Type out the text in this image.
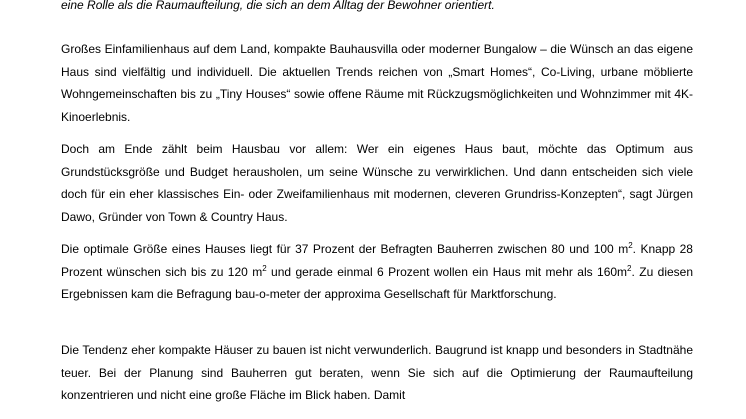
eine Rolle als die Raumaufteilung, die sich an dem Alltag der Bewohner orientiert.

Großes Einfamilienhaus auf dem Land, kompakte Bauhausvilla oder moderner Bungalow – die Wünsch an das eigene Haus sind vielfältig und individuell. Die aktuellen Trends reichen von „Smart Homes“, Co-Living, urbane möblierte Wohngemeinschaften bis zu „Tiny Houses“ sowie offene Räume mit Rückzugsmöglichkeiten und Wohnzimmer mit 4K-Kinoerlebnis.

Doch am Ende zählt beim Hausbau vor allem: Wer ein eigenes Haus baut, möchte das Optimum aus Grundstücksgröße und Budget herausholen, um seine Wünsche zu verwirklichen. Und dann entscheiden sich viele doch für ein eher klassisches Ein- oder Zweifamilienhaus mit modernen, cleveren Grundriss-Konzepten“, sagt Jürgen Dawo, Gründer von Town & Country Haus.

Die optimale Größe eines Hauses liegt für 37 Prozent der Befragten Bauherren zwischen 80 und 100 $m^2$. Knapp 28 Prozent wünschen sich bis zu 120 $m^2$ und gerade einmal 6 Prozent wollen ein Haus mit mehr als $160m^2$. Zu diesen Ergebnissen kam die Befragung bau-o-meter der approxima Gesellschaft für Marktforschung.

Die Tendenz eher kompakte Häuser zu bauen ist nicht verwunderlich. Baugrund ist knapp und besonders in Stadtnähe teuer. Bei der Planung sind Bauherren gut beraten, wenn Sie sich auf die Optimierung der Raumaufteilung konzentrieren und nicht eine große Fläche im Blick haben. Damit
